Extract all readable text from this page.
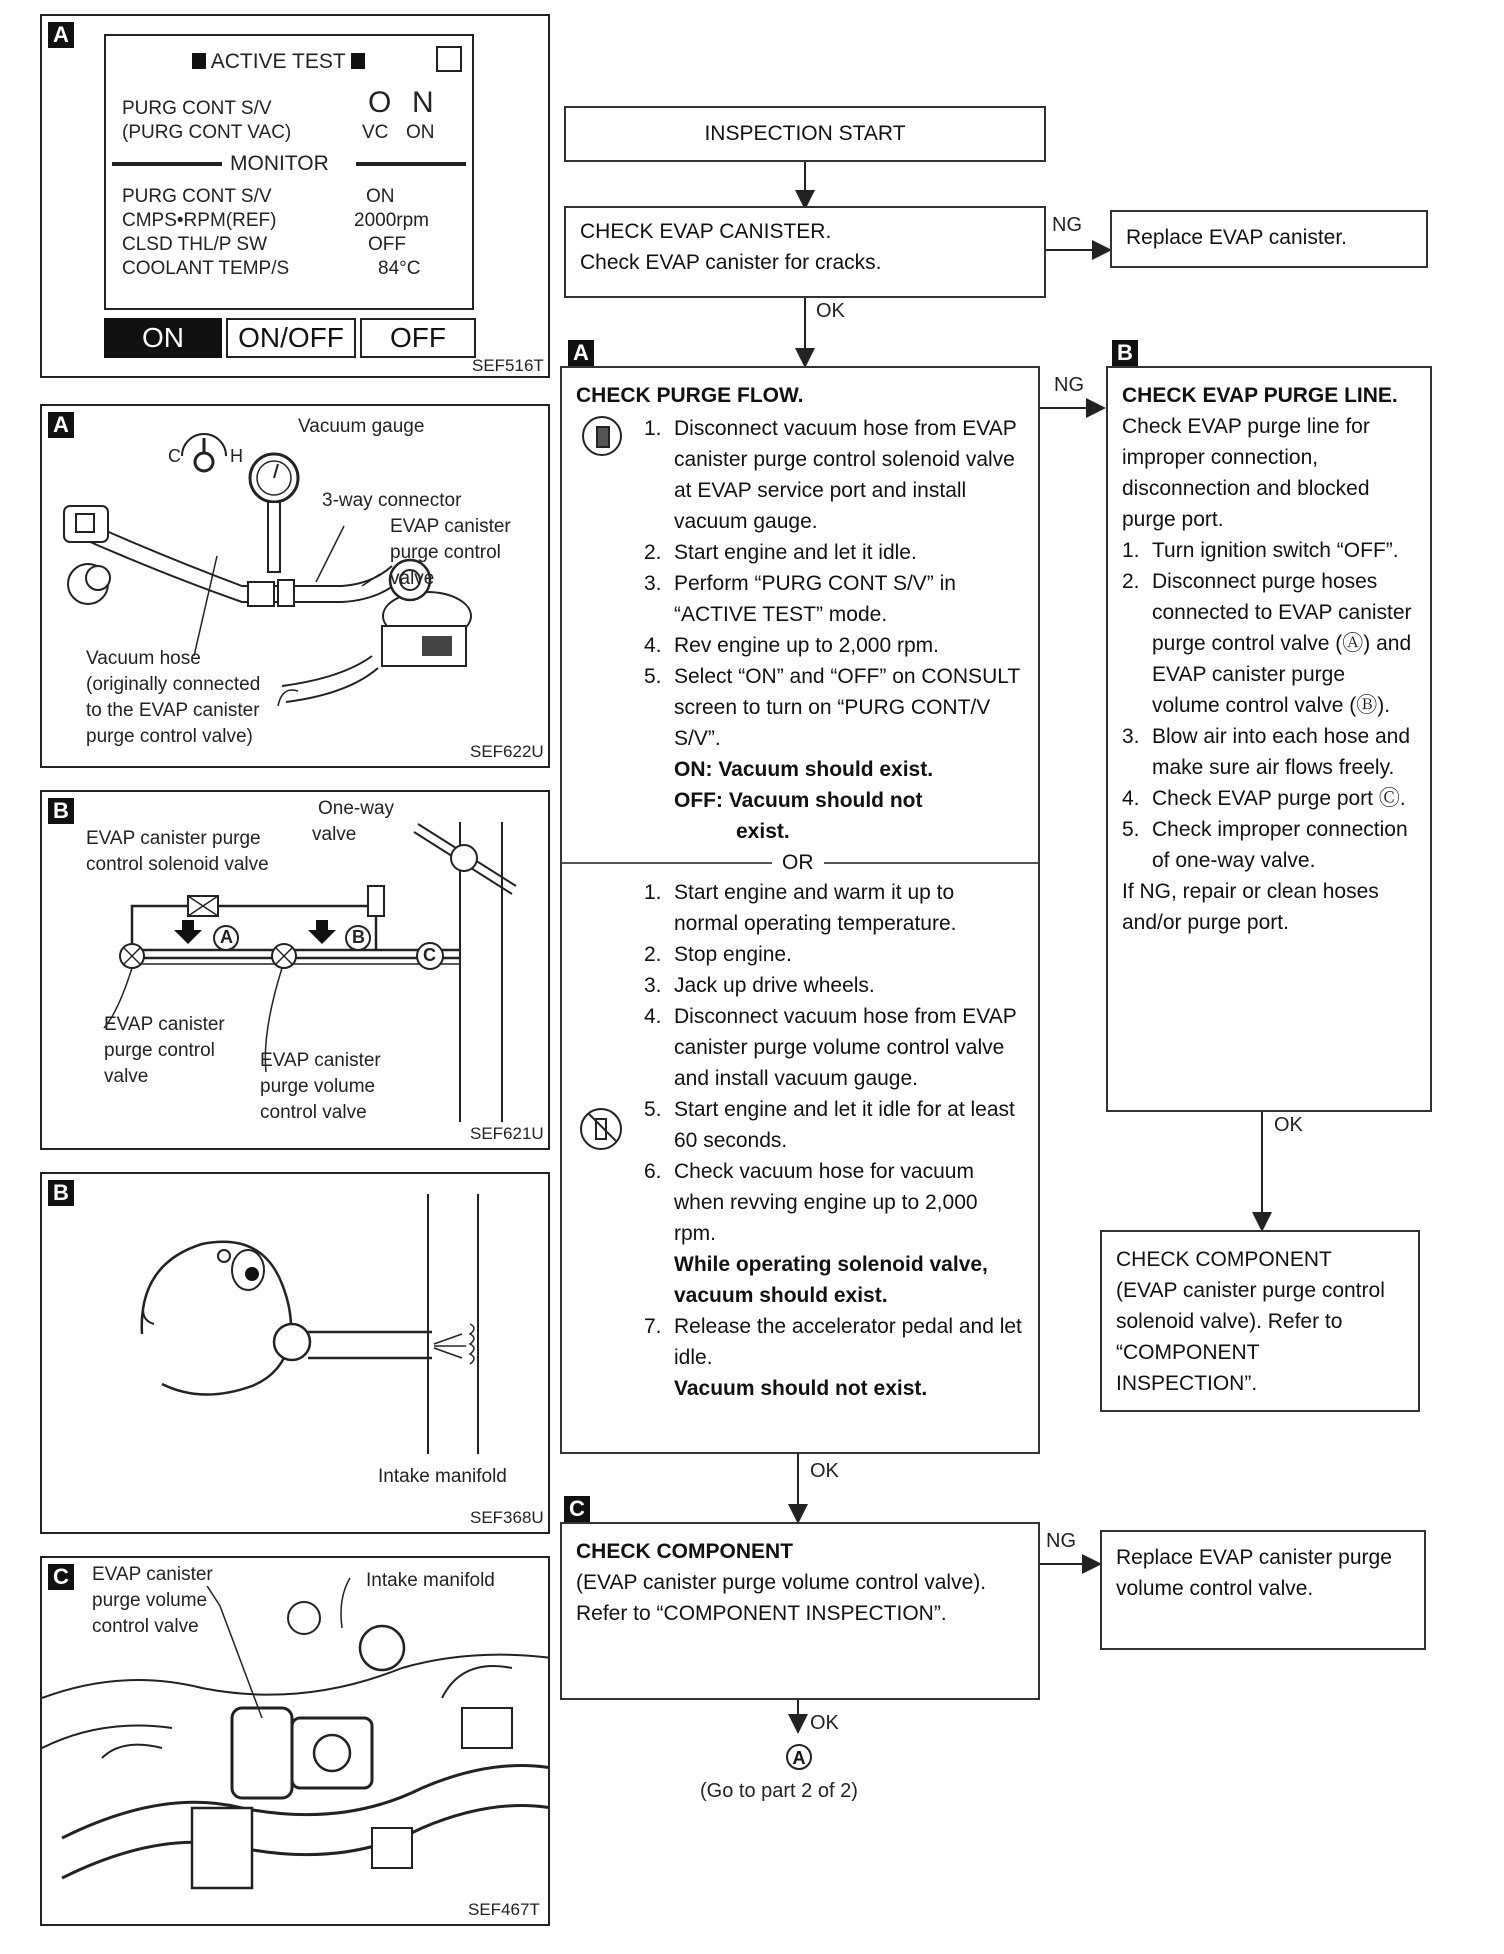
A
ACTIVE TEST
PURG CONT S/V
(PURG CONT VAC)
O N
VC ON
MONITOR
PURG CONT S/V	ON
CMPS•RPM(REF)	2000rpm
CLSD THL/P SW	OFF
COOLANT TEMP/S	84°C
ON	ON/OFF	OFF
SEF516T
A
C	H
Vacuum gauge
3-way connector
EVAP canister
purge control
valve
Vacuum hose
(originally connected
to the EVAP canister
purge control valve)
SEF622U
B
A	B
C
One-way
valve
EVAP canister purge
control solenoid valve
EVAP canister
purge control
valve
EVAP canister
purge volume
control valve
SEF621U
B
Intake manifold
SEF368U
C EVAP canister
purge volume
control valve
Intake manifold
SEF467T
INSPECTION START
CHECK EVAP CANISTER.
Check EVAP canister for cracks.
NG
Replace EVAP canister.
OK
A	B
CHECK PURGE FLOW.
1. Disconnect vacuum hose from EVAP canister purge control solenoid valve at EVAP service port and install vacuum gauge.
2. Start engine and let it idle.
3. Perform “PURG CONT S/V” in “ACTIVE TEST” mode.
4. Rev engine up to 2,000 rpm.
5. Select “ON” and “OFF” on CONSULT screen to turn on “PURG CONT/V S/V”.
ON: Vacuum should exist.
OFF: Vacuum should not
exist.
OR
1. Start engine and warm it up to normal operating temperature.
2. Stop engine.
3. Jack up drive wheels.
4. Disconnect vacuum hose from EVAP canister purge volume control valve and install vacuum gauge.
5. Start engine and let it idle for at least 60 seconds.
6. Check vacuum hose for vacuum when revving engine up to 2,000 rpm.
While operating solenoid valve, vacuum should exist.
7. Release the accelerator pedal and let idle.
Vacuum should not exist.
NG CHECK EVAP PURGE LINE.
Check EVAP purge line for improper connection, disconnection and blocked purge port.
1. Turn ignition switch “OFF”.
2. Disconnect purge hoses connected to EVAP canister purge control valve (Ⓐ) and EVAP canister purge volume control valve (Ⓑ).
3. Blow air into each hose and make sure air flows freely.
4. Check EVAP purge port Ⓒ.
5. Check improper connection of one-way valve.
If NG, repair or clean hoses and/or purge port.
OK
CHECK COMPONENT
(EVAP canister purge control solenoid valve). Refer to “COMPONENT INSPECTION”.
OK
C
CHECK COMPONENT
(EVAP canister purge volume control valve).
Refer to “COMPONENT INSPECTION”.
NG
Replace EVAP canister purge volume control valve.
OK
A
(Go to part 2 of 2)
